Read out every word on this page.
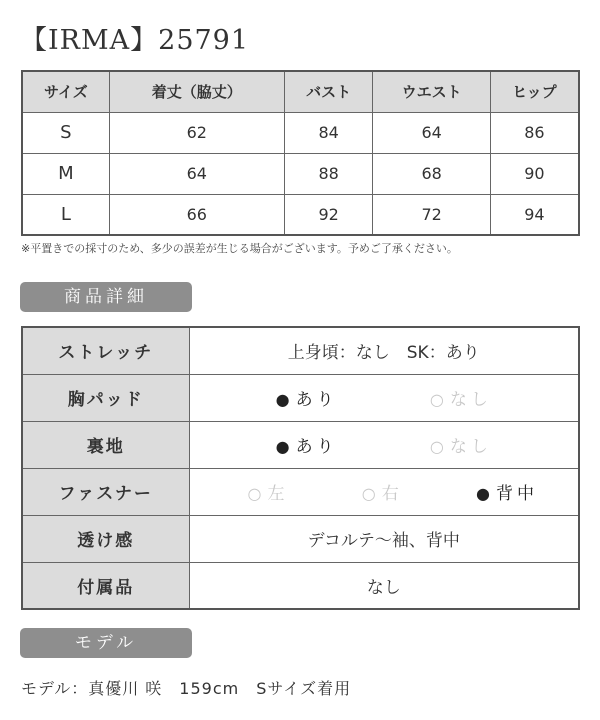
【IRMA】25791
サイズ	着丈（脇丈）	バスト	ウエスト	ヒップ
S	62	84	64	86
M	64	88	68	90
L	66	92	72	94
※平置きでの採寸のため、多少の誤差が生じる場合がございます。予めご了承ください。
商品詳細
ストレッチ	上身頃：なし　SK：あり
胸パッド	● あり ○ なし

裏地	● あり ○ なし

ファスナー	○ 左 ○ 右 ● 背中

透け感	デコルテ〜袖、背中
付属品	なし
モデル
モデル：真優川 咲　159cm　Sサイズ着用
